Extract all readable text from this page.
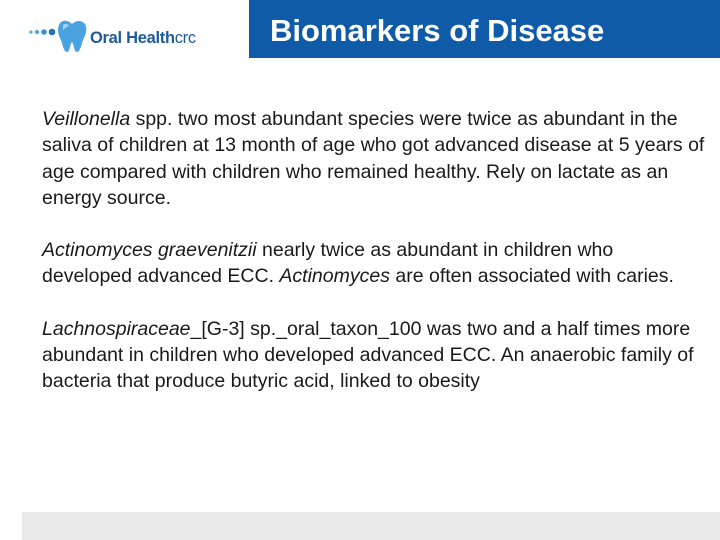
Oral Healthcrc Biomarkers of Disease

Veillonella spp. two most abundant species were twice as abundant in the saliva of children at 13 month of age who got advanced disease at 5 years of age compared with children who remained healthy. Rely on lactate as an energy source.

Actinomyces graevenitzii nearly twice as abundant in children who developed advanced ECC. Actinomyces are often associated with caries.

Lachnospiraceae_[G-3] sp._oral_taxon_100 was two and a half times more abundant in children who developed advanced ECC. An anaerobic family of bacteria that produce butyric acid, linked to obesity
